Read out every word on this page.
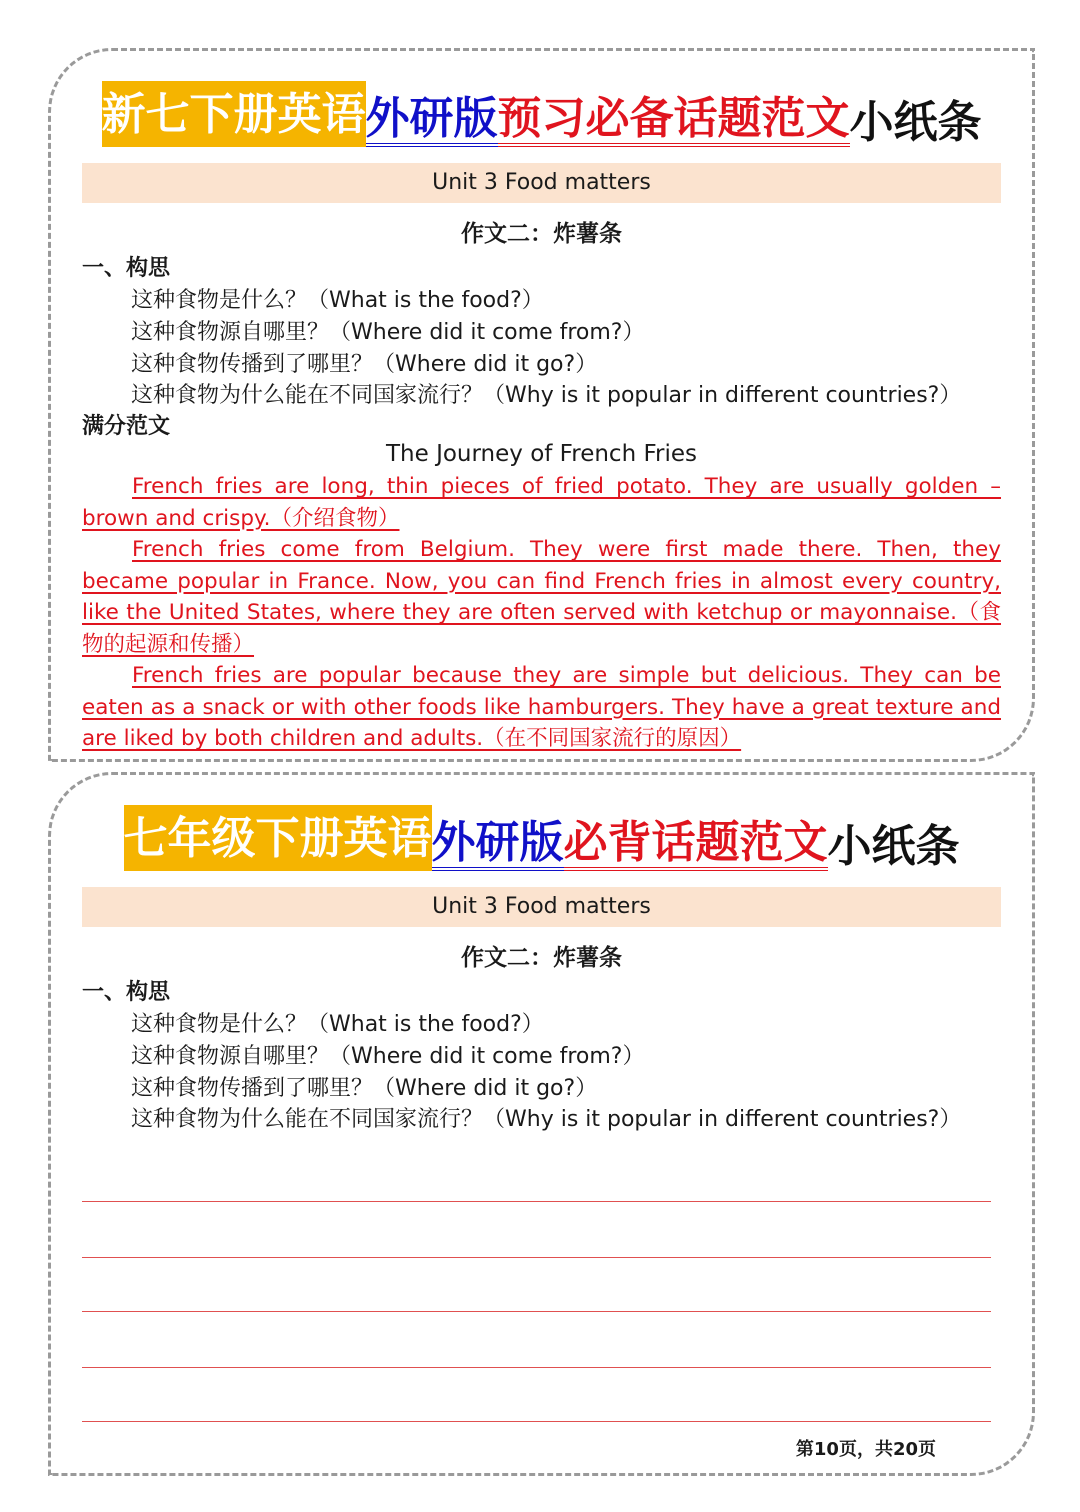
新七下册英语 外研版 预习必备话题范文 小纸条
Unit 3 Food matters
作文二：炸薯条
一、构思
这种食物是什么？（What is the food?）
这种食物源自哪里？（Where did it come from?）
这种食物传播到了哪里？（Where did it go?）
这种食物为什么能在不同国家流行？（Why is it popular in different countries?）
满分范文
The Journey of French Fries

French fries are long, thin pieces of fried potato. They are usually golden – brown and crispy.（介绍食物）

French fries come from Belgium. They were first made there. Then, they became popular in France. Now, you can find French fries in almost every country, like the United States, where they are often served with ketchup or mayonnaise.（食物的起源和传播）

French fries are popular because they are simple but delicious. They can be eaten as a snack or with other foods like hamburgers. They have a great texture and are liked by both children and adults.（在不同国家流行的原因）

七年级下册英语 外研版 必背话题范文 小纸条
Unit 3 Food matters
作文二：炸薯条
一、构思
这种食物是什么？（What is the food?）
这种食物源自哪里？（Where did it come from?）
这种食物传播到了哪里？（Where did it go?）
这种食物为什么能在不同国家流行？（Why is it popular in different countries?）
第10页，共20页
